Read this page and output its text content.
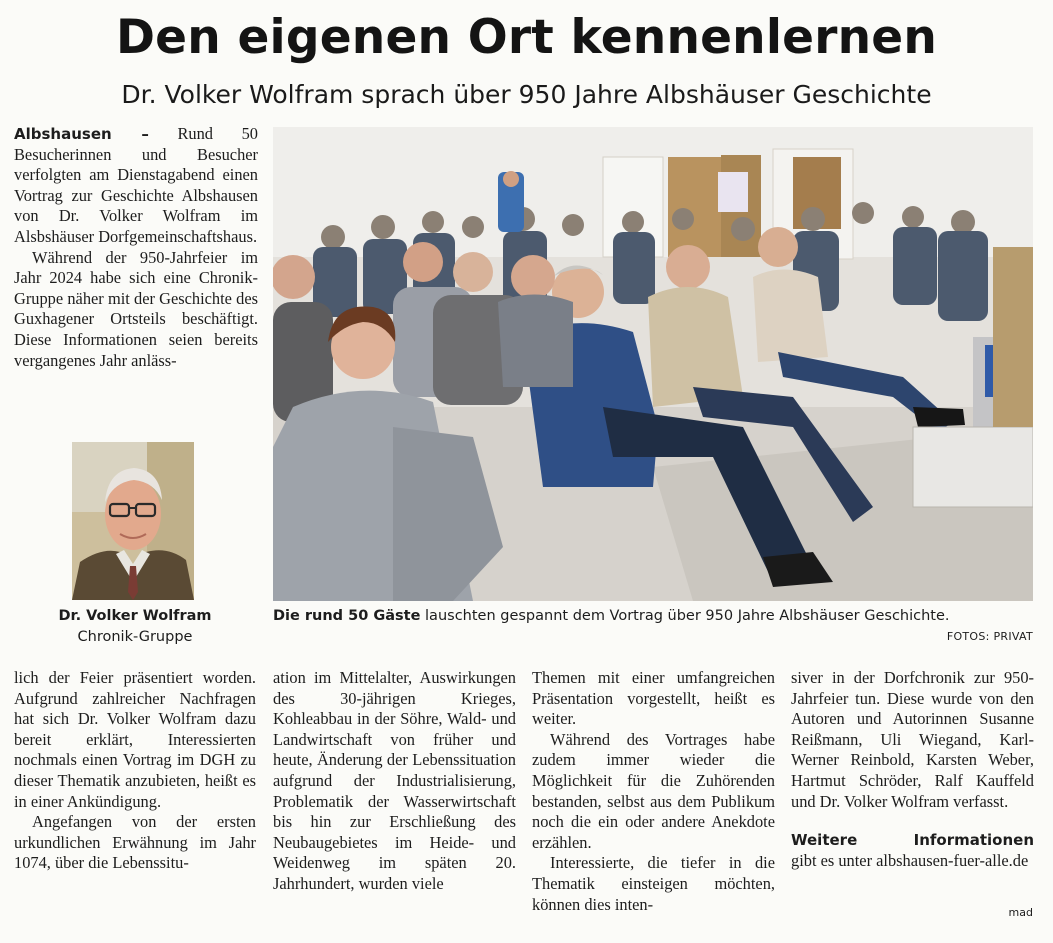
Den eigenen Ort kennenlernen
Dr. Volker Wolfram sprach über 950 Jahre Albshäuser Geschichte

Albshausen – Rund 50 Besucherinnen und Besucher verfolgten am Dienstagabend einen Vortrag zur Geschichte Albshausen von Dr. Volker Wolfram im Alsbshäuser Dorfgemeinschaftshaus.

Während der 950-Jahrfeier im Jahr 2024 habe sich eine Chronik-Gruppe näher mit der Geschichte des Guxhagener Ortsteils beschäftigt. Diese Informationen seien bereits vergangenes Jahr anläss-

Dr. Volker Wolfram
Chronik-Gruppe
Die rund 50 Gäste lauschten gespannt dem Vortrag über 950 Jahre Albshäuser Geschichte.
FOTOS: PRIVAT

lich der Feier präsentiert worden. Aufgrund zahlreicher Nachfragen hat sich Dr. Volker Wolfram dazu bereit erklärt, Interessierten nochmals einen Vortrag im DGH zu dieser Thematik anzubieten, heißt es in einer Ankündigung.

Angefangen von der ersten urkundlichen Erwähnung im Jahr 1074, über die Lebenssitu-

ation im Mittelalter, Auswirkungen des 30-jährigen Krieges, Kohleabbau in der Söhre, Wald- und Landwirtschaft von früher und heute, Änderung der Lebenssituation aufgrund der Industrialisierung, Problematik der Wasserwirtschaft bis hin zur Erschließung des Neubaugebietes im Heide- und Weidenweg im späten 20. Jahrhundert, wurden viele

Themen mit einer umfangreichen Präsentation vorgestellt, heißt es weiter.

Während des Vortrages habe zudem immer wieder die Möglichkeit für die Zuhörenden bestanden, selbst aus dem Publikum noch die ein oder andere Anekdote erzählen.

Interessierte, die tiefer in die Thematik einsteigen möchten, können dies inten-

siver in der Dorfchronik zur 950-Jahrfeier tun. Diese wurde von den Autoren und Autorinnen Susanne Reißmann, Uli Wiegand, Karl-Werner Reinbold, Karsten Weber, Hartmut Schröder, Ralf Kauffeld und Dr. Volker Wolfram verfasst.

Weitere	Informationen

gibt es unter albshausen-fuer-alle.de

mad
